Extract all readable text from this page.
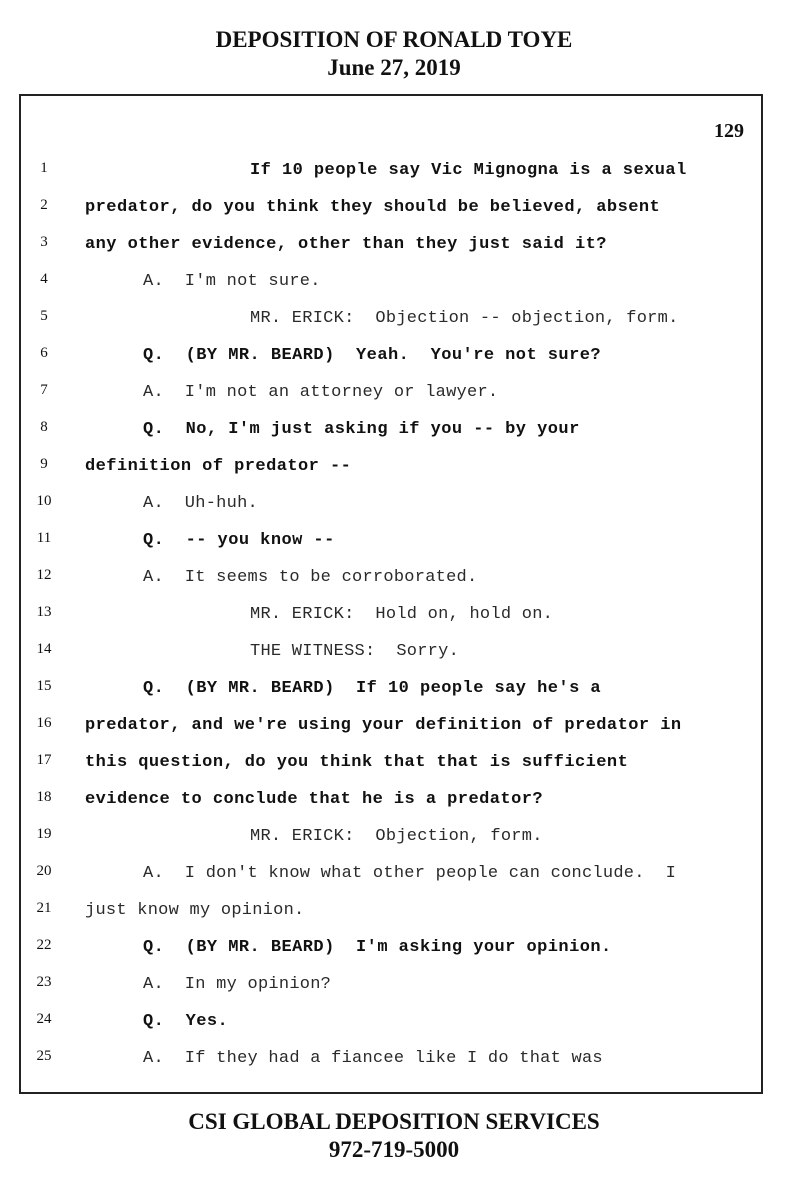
DEPOSITION OF RONALD TOYE
June 27, 2019
129
1	If 10 people say Vic Mignogna is a sexual
2	predator, do you think they should be believed, absent
3	any other evidence, other than they just said it?
4	A.  I'm not sure.
5	MR. ERICK:  Objection -- objection, form.
6	Q.  (BY MR. BEARD)  Yeah.  You're not sure?
7	A.  I'm not an attorney or lawyer.
8	Q.  No, I'm just asking if you -- by your
9	definition of predator --
10	A.  Uh-huh.
11	Q.  -- you know --
12	A.  It seems to be corroborated.
13	MR. ERICK:  Hold on, hold on.
14	THE WITNESS:  Sorry.
15	Q.  (BY MR. BEARD)  If 10 people say he's a
16	predator, and we're using your definition of predator in
17	this question, do you think that that is sufficient
18	evidence to conclude that he is a predator?
19	MR. ERICK:  Objection, form.
20	A.  I don't know what other people can conclude.  I
21	just know my opinion.
22	Q.  (BY MR. BEARD)  I'm asking your opinion.
23	A.  In my opinion?
24	Q.  Yes.
25	A.  If they had a fiancee like I do that was
CSI GLOBAL DEPOSITION SERVICES
972-719-5000
